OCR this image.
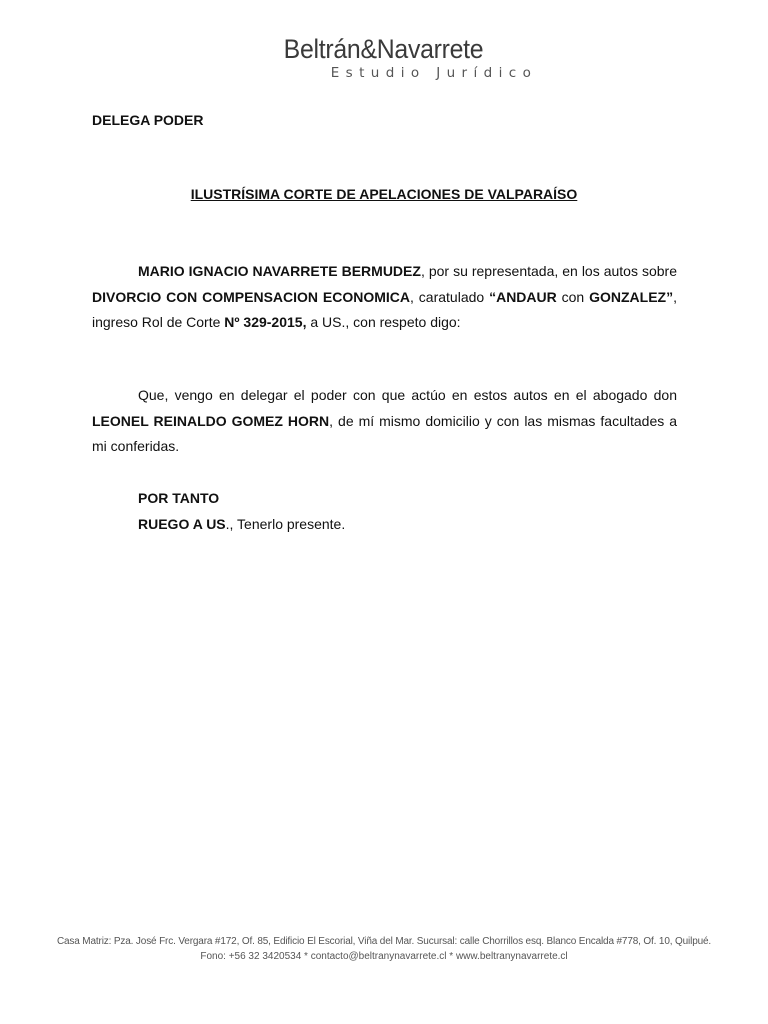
Beltrán&Navarrete
Estudio Jurídico
DELEGA PODER
ILUSTRÍSIMA CORTE DE APELACIONES DE VALPARAÍSO
MARIO IGNACIO NAVARRETE BERMUDEZ, por su representada, en los autos sobre DIVORCIO CON COMPENSACION ECONOMICA, caratulado “ANDAUR con GONZALEZ”, ingreso Rol de Corte Nº 329-2015, a US., con respeto digo:
Que, vengo en delegar el poder con que actúo en estos autos en el abogado don LEONEL REINALDO GOMEZ HORN, de mí mismo domicilio y con las mismas facultades a mi conferidas.
POR TANTO
RUEGO A US., Tenerlo presente.
Casa Matriz: Pza. José Frc. Vergara #172, Of. 85, Edificio El Escorial, Viña del Mar. Sucursal: calle Chorrillos esq. Blanco Encalda #778, Of. 10, Quilpué.
Fono: +56 32 3420534 * contacto@beltranynavarrete.cl * www.beltranynavarrete.cl
